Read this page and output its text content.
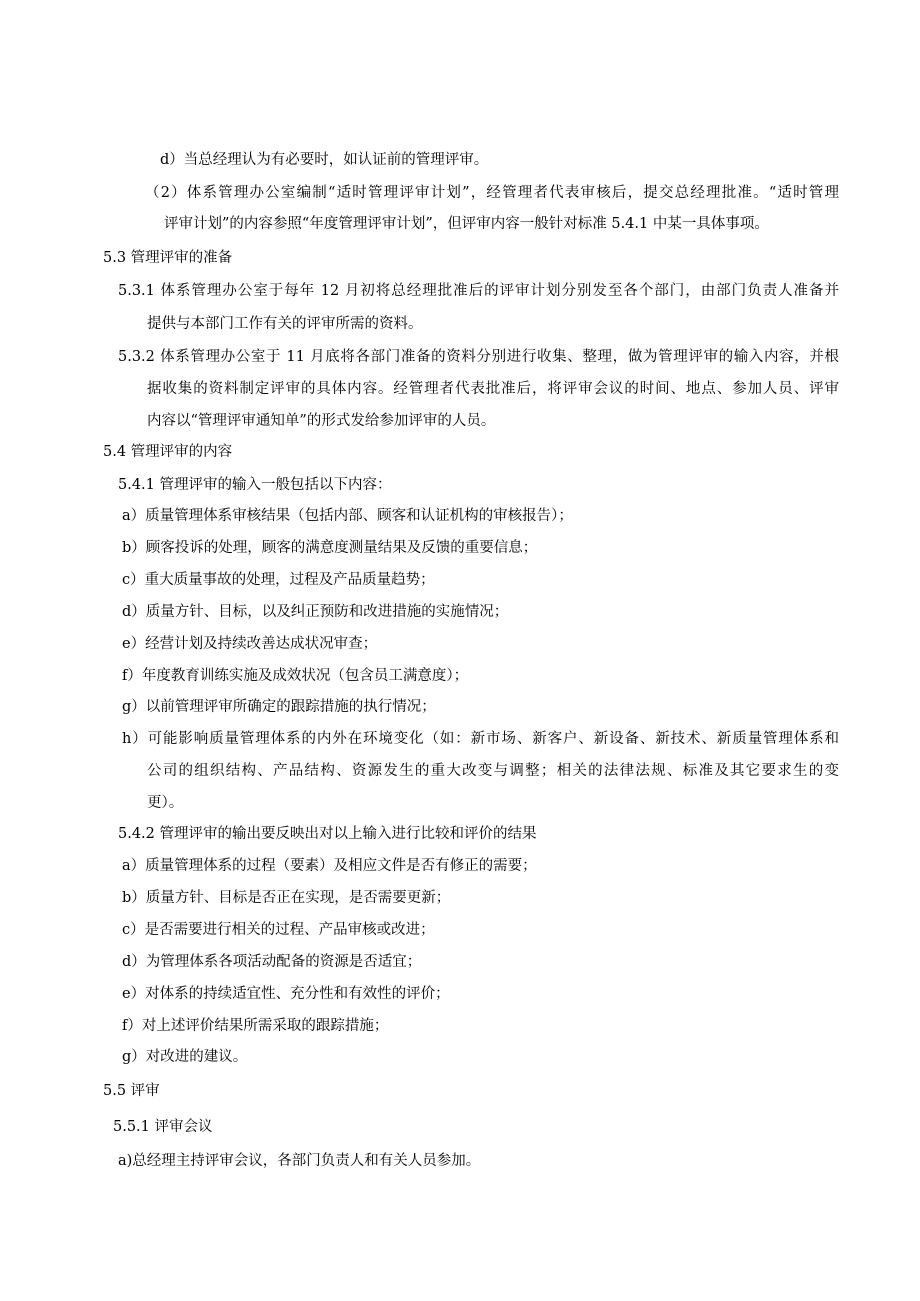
d）当总经理认为有必要时，如认证前的管理评审。
（2）体系管理办公室编制“适时管理评审计划”，经管理者代表审核后，提交总经理批准。“适时管理
评审计划”的内容参照“年度管理评审计划”，但评审内容一般针对标准 5.4.1 中某一具体事项。
5.3 管理评审的准备
5.3.1 体系管理办公室于每年 12 月初将总经理批准后的评审计划分别发至各个部门，由部门负责人准备并
提供与本部门工作有关的评审所需的资料。
5.3.2 体系管理办公室于 11 月底将各部门准备的资料分别进行收集、整理，做为管理评审的输入内容，并根
据收集的资料制定评审的具体内容。经管理者代表批准后，将评审会议的时间、地点、参加人员、评审
内容以“管理评审通知单”的形式发给参加评审的人员。
5.4 管理评审的内容
5.4.1 管理评审的输入一般包括以下内容：
a）质量管理体系审核结果（包括内部、顾客和认证机构的审核报告）；
b）顾客投诉的处理，顾客的满意度测量结果及反馈的重要信息；
c）重大质量事故的处理，过程及产品质量趋势；
d）质量方针、目标，以及纠正预防和改进措施的实施情况；
e）经营计划及持续改善达成状况审查；
f）年度教育训练实施及成效状况（包含员工满意度）；
g）以前管理评审所确定的跟踪措施的执行情况；
h）可能影响质量管理体系的内外在环境变化（如：新市场、新客户、新设备、新技术、新质量管理体系和
公司的组织结构、产品结构、资源发生的重大改变与调整；相关的法律法规、标准及其它要求生的变
更）。
5.4.2 管理评审的输出要反映出对以上输入进行比较和评价的结果
a）质量管理体系的过程（要素）及相应文件是否有修正的需要；
b）质量方针、目标是否正在实现，是否需要更新；
c）是否需要进行相关的过程、产品审核或改进；
d）为管理体系各项活动配备的资源是否适宜；
e）对体系的持续适宜性、充分性和有效性的评价；
f）对上述评价结果所需采取的跟踪措施；
g）对改进的建议。
5.5 评审
5.5.1 评审会议
a)总经理主持评审会议，各部门负责人和有关人员参加。
